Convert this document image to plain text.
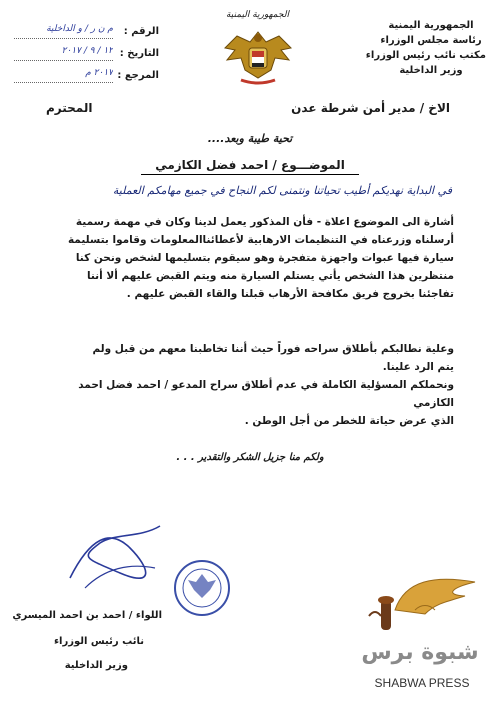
الجمهورية اليمنية
رئاسة مجلس الوزراء
مكتب نائب رئيس الوزراء
وزير الداخلية
الجمهورية اليمنية
الرقم :
م ن ر / و الداخلية
التاريخ :
١٢ / ٩ / ٢٠١٧
المرجع :
٢٠١٧ م
الاخ / مدير أمن شرطة عدن
المحترم
تحية طيبة وبعد....
الموضـــوع / احمد فضل الكازمي
في البداية نهديكم أطيب تحياتنا ونتمنى لكم النجاح في جميع مهامكم العملية
أشارة الى الموضوع اعلاة - فأن المذكور يعمل لدينا وكان في مهمة رسمية
أرسلناه وزرعناه في التنظيمات الارهابية لأعطائناالمعلومات وقاموا بتسليمة
سيارة فيها عبوات واجهزة متفجرة وهو سيقوم بتسليمها لشخص ونحن كنا
منتظرين هذا الشخص يأتي يستلم السيارة منه ويتم القبض عليهم ألا أننا
تفاجئنا بخروج فريق مكافحة الأرهاب قبلنا والقاء القبض عليهم .
وعلية نطالبكم بأطلاق سراحه فوراً حيث أننا تخاطبنا معهم من قبل ولم
يتم الرد علينا.
ونحملكم المسؤلية الكاملة في عدم أطلاق سراح المدعو / احمد فضل احمد
الكازمي
الذي عرض حياتة للخطر من أجل الوطن .
ولكم منا جزيل الشكر والتقدير . . .
اللواء / احمد بن احمد الميسري
نائب رئيس الوزراء
وزير الداخلية
شبوة برس
SHABWA PRESS
